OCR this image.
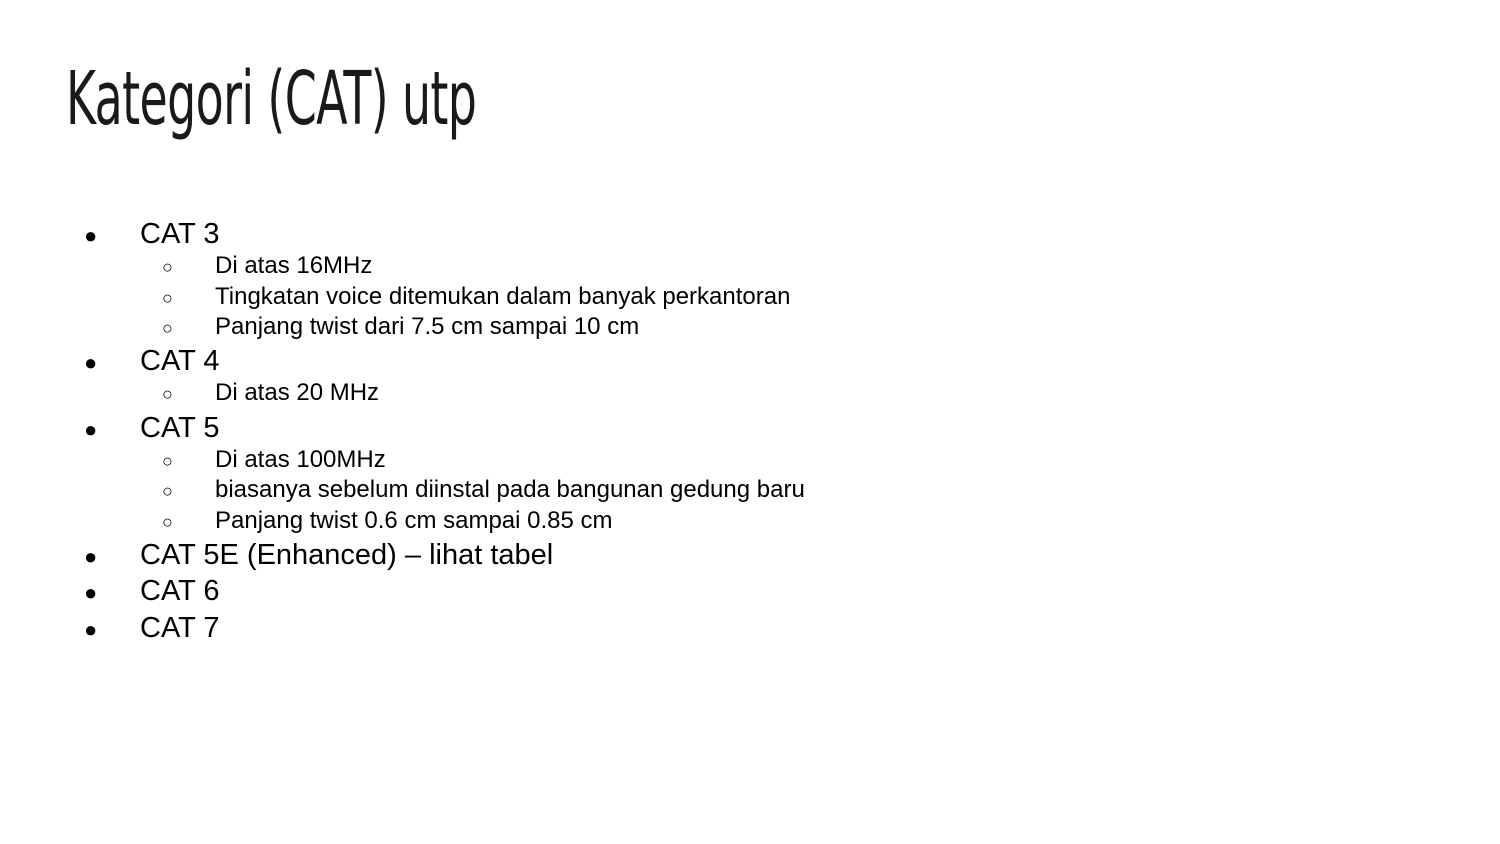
Kategori (CAT) utp
● CAT 3
○ Di atas 16MHz
○ Tingkatan voice ditemukan dalam banyak perkantoran
○ Panjang twist dari 7.5 cm sampai 10 cm
● CAT 4
○ Di atas 20 MHz
● CAT 5
○ Di atas 100MHz
○ biasanya sebelum diinstal pada bangunan gedung baru
○ Panjang twist 0.6 cm sampai 0.85 cm
● CAT 5E (Enhanced) – lihat tabel
● CAT 6
● CAT 7
